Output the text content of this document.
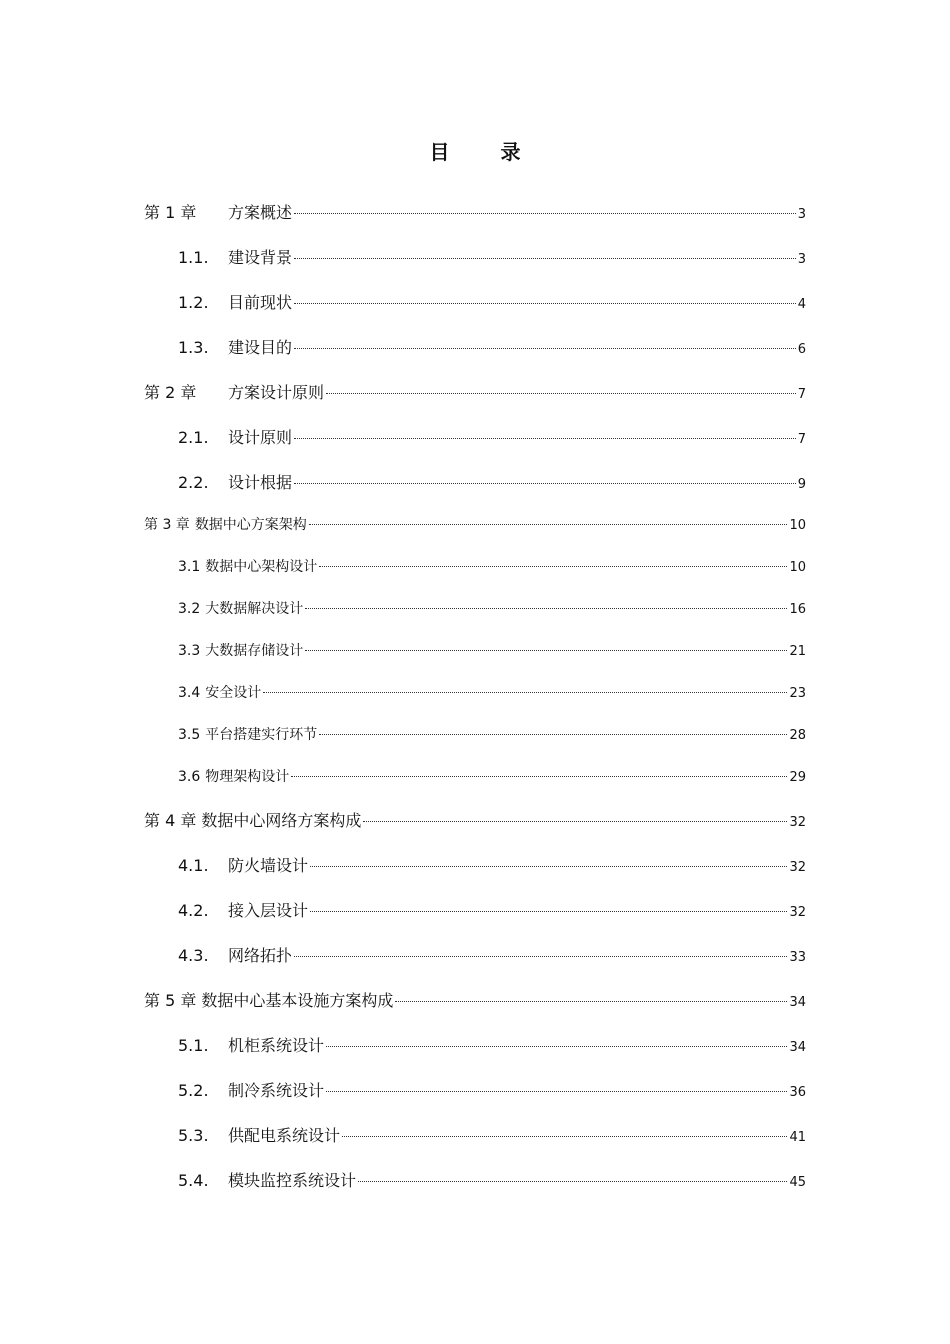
目 录
第 1 章	方案概述	3
1.1.	建设背景	3
1.2.	目前现状	4
1.3.	建设目的	6
第 2 章	方案设计原则	7
2.1.	设计原则	7
2.2.	设计根据	9
第 3 章 数据中心方案架构	10
3.1 数据中心架构设计	10
3.2 大数据解决设计	16
3.3 大数据存储设计	21
3.4 安全设计	23
3.5 平台搭建实行环节	28
3.6 物理架构设计	29
第 4 章 数据中心网络方案构成	32
4.1.	防火墙设计	32
4.2.	接入层设计	32
4.3.	网络拓扑	33
第 5 章 数据中心基本设施方案构成	34
5.1.	机柜系统设计	34
5.2.	制冷系统设计	36
5.3.	供配电系统设计	41
5.4.	模块监控系统设计	45
